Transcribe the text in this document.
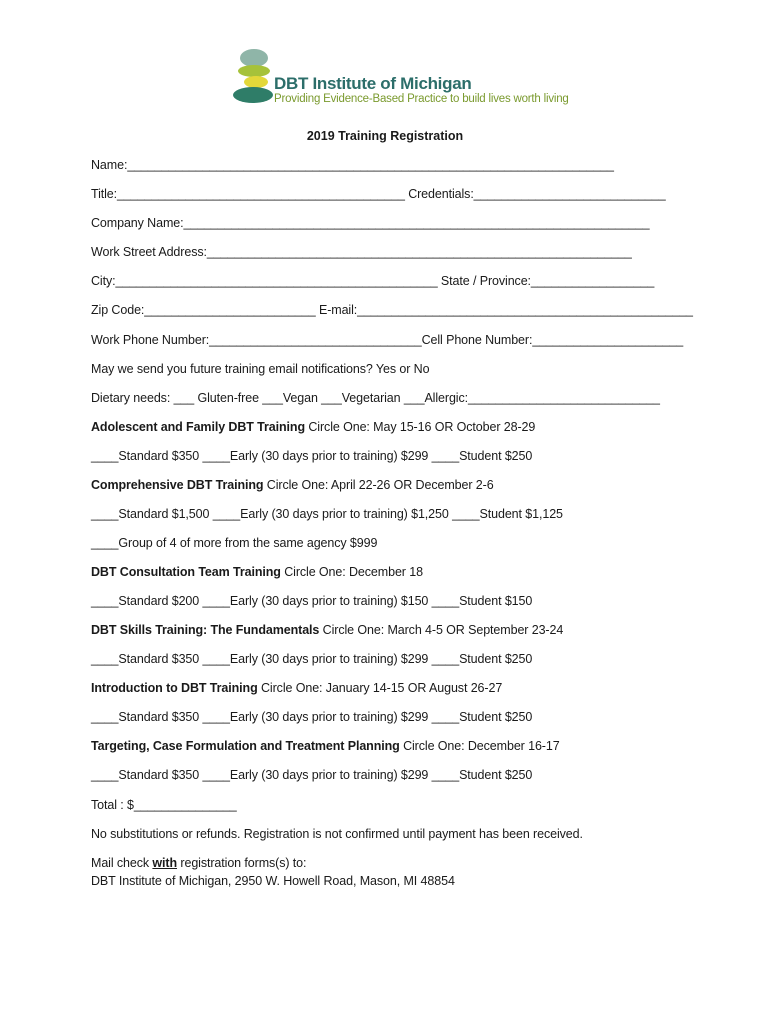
DBT Institute of Michigan
Providing Evidence-Based Practice to build lives worth living
2019 Training Registration
Name:_______________________________________________________________________
Title:__________________________________________ Credentials:____________________________
Company Name:____________________________________________________________________
Work Street Address:______________________________________________________________
City:_______________________________________________ State / Province:__________________
Zip Code:_________________________ E-mail:_________________________________________________
Work Phone Number:_______________________________Cell Phone Number:______________________
May we send you future training email notifications? Yes or No
Dietary needs: ___ Gluten-free ___Vegan ___Vegetarian ___Allergic:____________________________
Adolescent and Family DBT Training Circle One: May 15-16 OR October 28-29
____Standard $350 ____Early (30 days prior to training) $299 ____Student $250
Comprehensive DBT Training Circle One: April 22-26 OR December 2-6
____Standard $1,500 ____Early (30 days prior to training) $1,250 ____Student $1,125
____Group of 4 of more from the same agency $999
DBT Consultation Team Training Circle One: December 18
____Standard $200 ____Early (30 days prior to training) $150 ____Student $150
DBT Skills Training: The Fundamentals Circle One: March 4-5 OR September 23-24
____Standard $350 ____Early (30 days prior to training) $299 ____Student $250
Introduction to DBT Training Circle One: January 14-15 OR August 26-27
____Standard $350 ____Early (30 days prior to training) $299 ____Student $250
Targeting, Case Formulation and Treatment Planning Circle One: December 16-17
____Standard $350 ____Early (30 days prior to training) $299 ____Student $250
Total : $_______________
No substitutions or refunds. Registration is not confirmed until payment has been received.
Mail check with registration forms(s) to:
DBT Institute of Michigan, 2950 W. Howell Road, Mason, MI 48854
